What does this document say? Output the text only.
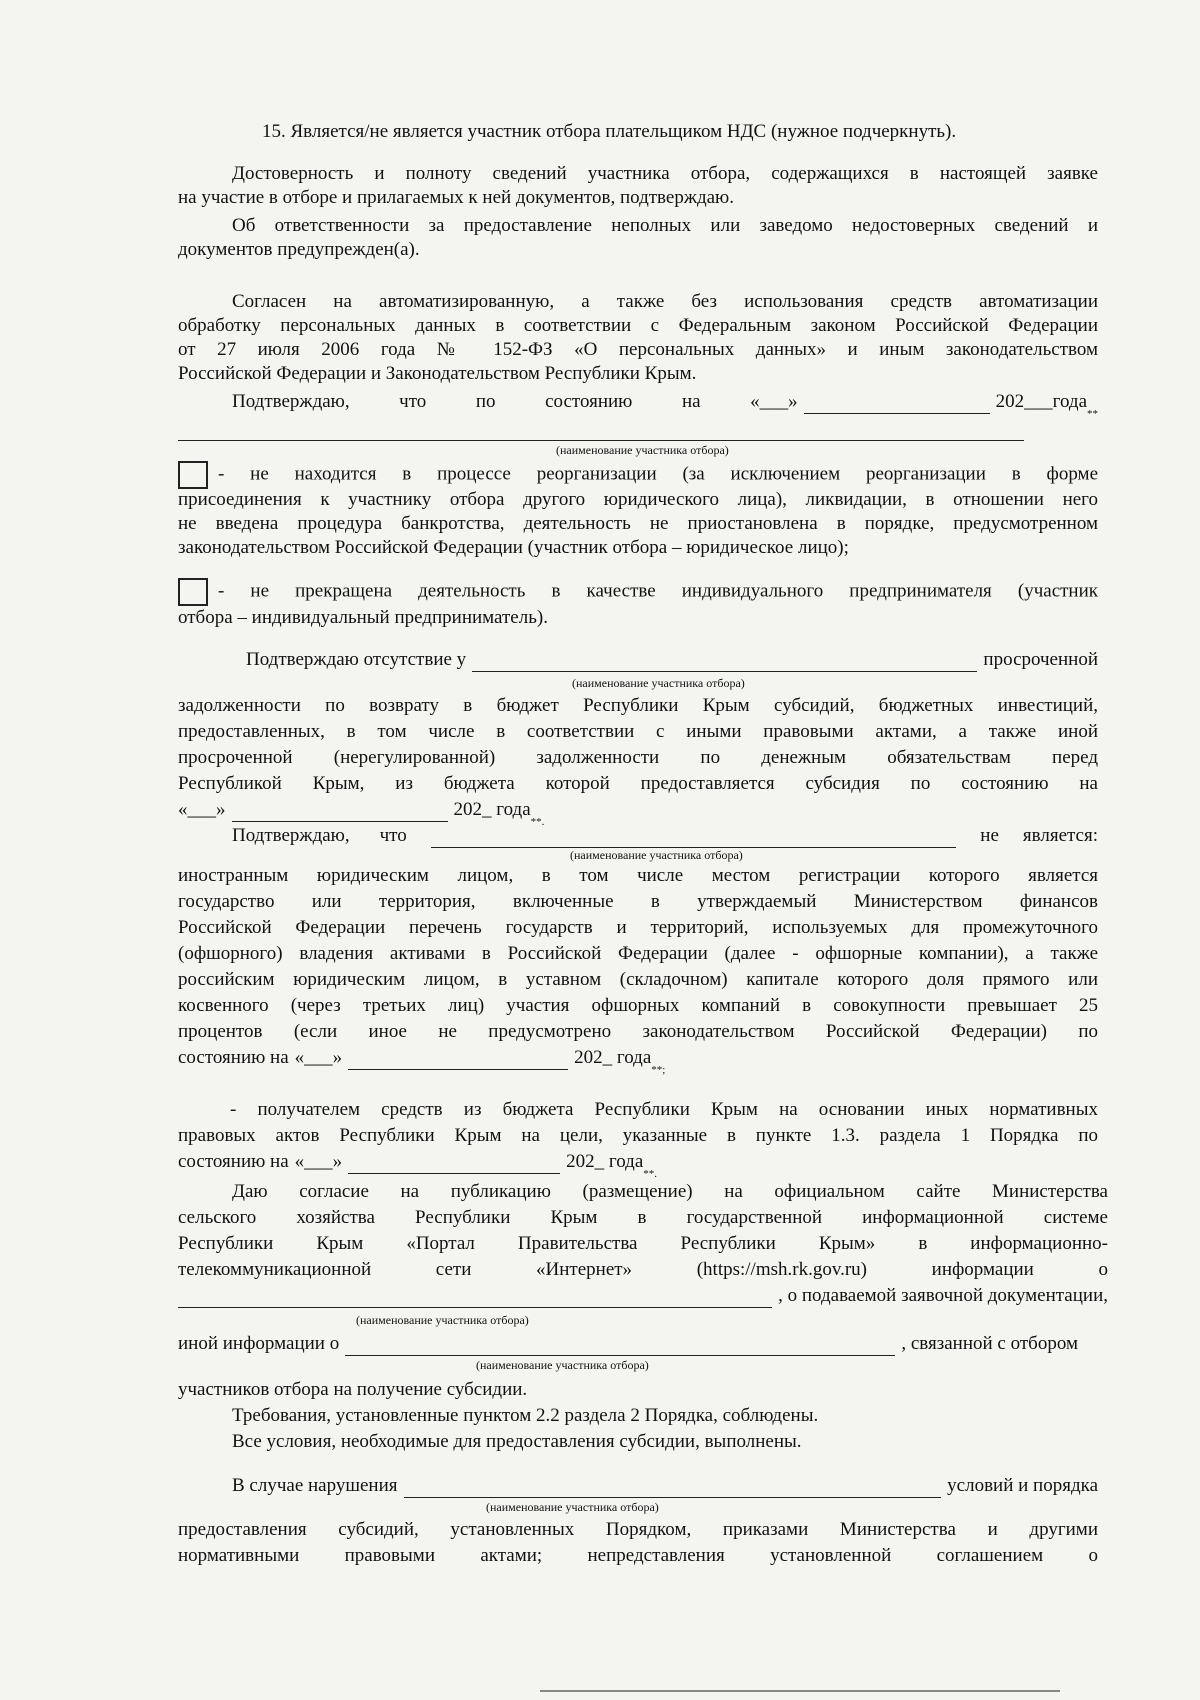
15. Является/не является участник отбора плательщиком НДС (нужное подчеркнуть).
Достоверность и полноту сведений участника отбора, содержащихся в настоящей заявке
на участие в отборе и прилагаемых к ней документов, подтверждаю.
Об ответственности за предоставление неполных или заведомо недостоверных сведений и
документов предупрежден(а).
Согласен на автоматизированную, а также без использования средств автоматизации
обработку персональных данных в соответствии с Федеральным законом Российской Федерации
от 27 июля 2006 года № 152-ФЗ «О персональных данных» и иным законодательством
Российской Федерации и Законодательством Республики Крым.
Подтверждаю,	что	по	состоянию	на	«___»	202___года
**
(наименование участника отбора)
- не находится в процессе реорганизации (за исключением реорганизации в форме
присоединения к участнику отбора другого юридического лица), ликвидации, в отношении него
не введена процедура банкротства, деятельность не приостановлена в порядке, предусмотренном
законодательством Российской Федерации (участник отбора – юридическое лицо);
- не прекращена деятельность в качестве индивидуального предпринимателя (участник
отбора – индивидуальный предприниматель).
Подтверждаю отсутствие у	просроченной
(наименование участника отбора)
задолженности по возврату в бюджет Республики Крым субсидий, бюджетных инвестиций,
предоставленных, в том числе в соответствии с иными правовыми актами, а также иной
просроченной (нерегулированной) задолженности по денежным обязательствам перед
Республикой Крым, из бюджета которой предоставляется субсидия по состоянию на
«___»	202_ года
**.
Подтверждаю, что	не является:
(наименование участника отбора)
иностранным юридическим лицом, в том числе местом регистрации которого является
государство или территория, включенные в утверждаемый Министерством финансов
Российской Федерации перечень государств и территорий, используемых для промежуточного
(офшорного) владения активами в Российской Федерации (далее - офшорные компании), а также
российским юридическим лицом, в уставном (складочном) капитале которого доля прямого или
косвенного (через третьих лиц) участия офшорных компаний в совокупности превышает 25
процентов (если иное не предусмотрено законодательством Российской Федерации) по
состоянию на «___»	202_ года
**;
- получателем средств из бюджета Республики Крым на основании иных нормативных
правовых актов Республики Крым на цели, указанные в пункте 1.3. раздела 1 Порядка по
состоянию на «___»	202_ года
**.
Даю согласие на публикацию (размещение) на официальном сайте Министерства
сельского хозяйства Республики Крым в государственной информационной системе
Республики Крым «Портал Правительства Республики Крым» в информационно-
телекоммуникационной сети «Интернет» (https://msh.rk.gov.ru) информации о
, о подаваемой заявочной документации,
(наименование участника отбора)
иной информации о	, связанной с отбором
(наименование участника отбора)
участников отбора на получение субсидии.
Требования, установленные пунктом 2.2 раздела 2 Порядка, соблюдены.
Все условия, необходимые для предоставления субсидии, выполнены.
В случае нарушения	условий и порядка
(наименование участника отбора)
предоставления субсидий, установленных Порядком, приказами Министерства и другими
нормативными правовыми актами; непредставления установленной соглашением о
